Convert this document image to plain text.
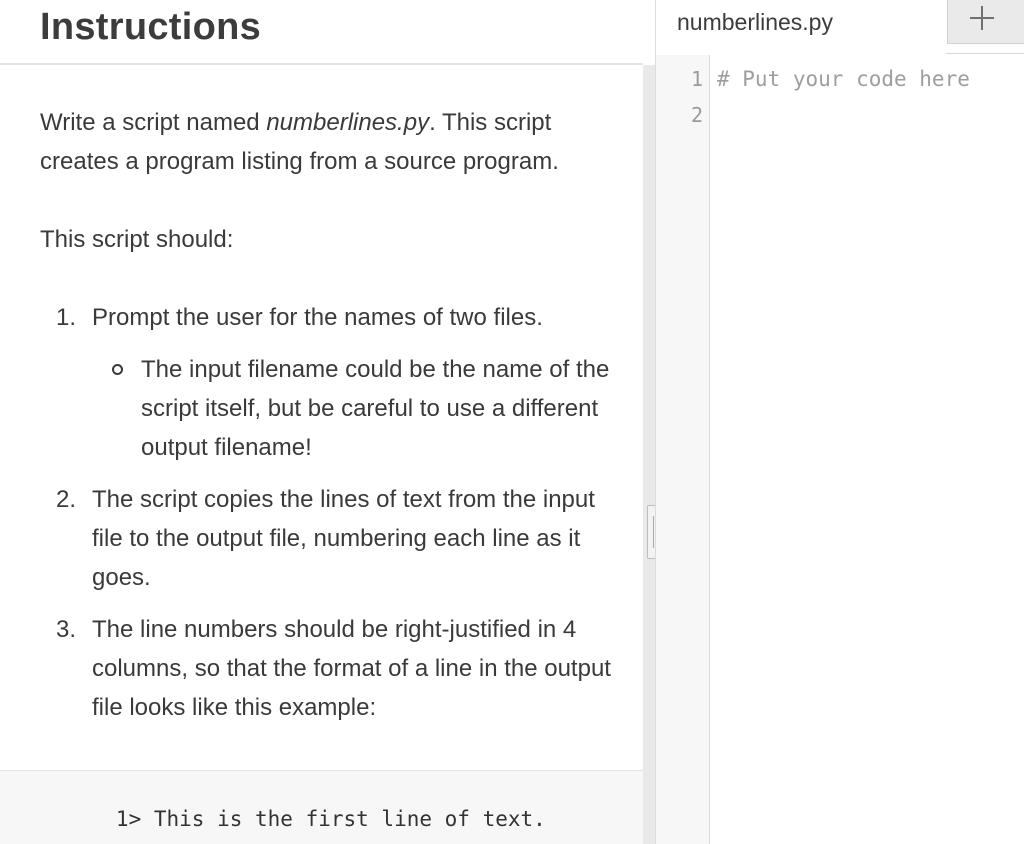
Instructions

Write a script named numberlines.py. This script creates a program listing from a source program.

This script should:

1. Prompt the user for the names of two files.
The input filename could be the name of the script itself, but be careful to use a different output filename!
2. The script copies the lines of text from the input file to the output file, numbering each line as it goes.
3. The line numbers should be right-justified in 4 columns, so that the format of a line in the output file looks like this example:
1> This is the first line of text.
numberlines.py
1
2
# Put your code here
